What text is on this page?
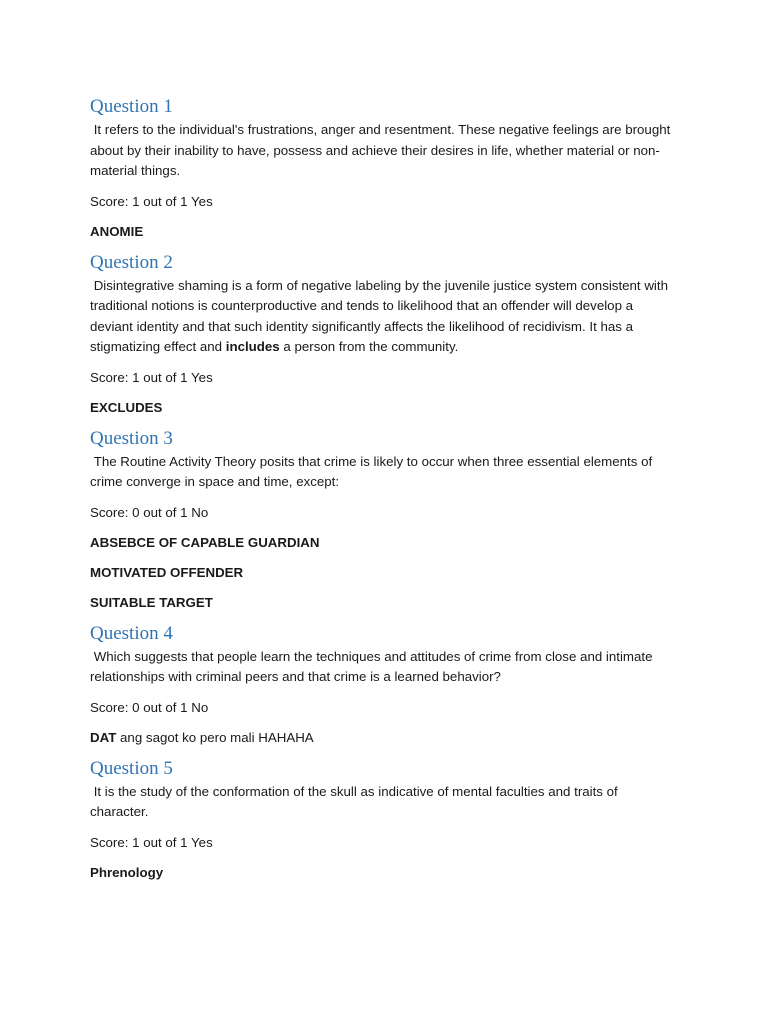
Question 1

It refers to the individual's frustrations, anger and resentment. These negative feelings are brought about by their inability to have, possess and achieve their desires in life, whether material or non-material things.

Score: 1 out of 1 Yes

ANOMIE

Question 2

Disintegrative shaming is a form of negative labeling by the juvenile justice system consistent with traditional notions is counterproductive and tends to likelihood that an offender will develop a deviant identity and that such identity significantly affects the likelihood of recidivism. It has a stigmatizing effect and includes a person from the community.

Score: 1 out of 1 Yes

EXCLUDES

Question 3

The Routine Activity Theory posits that crime is likely to occur when three essential elements of crime converge in space and time, except:

Score: 0 out of 1 No

ABSEBCE OF CAPABLE GUARDIAN

MOTIVATED OFFENDER

SUITABLE TARGET

Question 4

Which suggests that people learn the techniques and attitudes of crime from close and intimate relationships with criminal peers and that crime is a learned behavior?

Score: 0 out of 1 No

DAT ang sagot ko pero mali HAHAHA

Question 5

It is the study of the conformation of the skull as indicative of mental faculties and traits of character.

Score: 1 out of 1 Yes

Phrenology
